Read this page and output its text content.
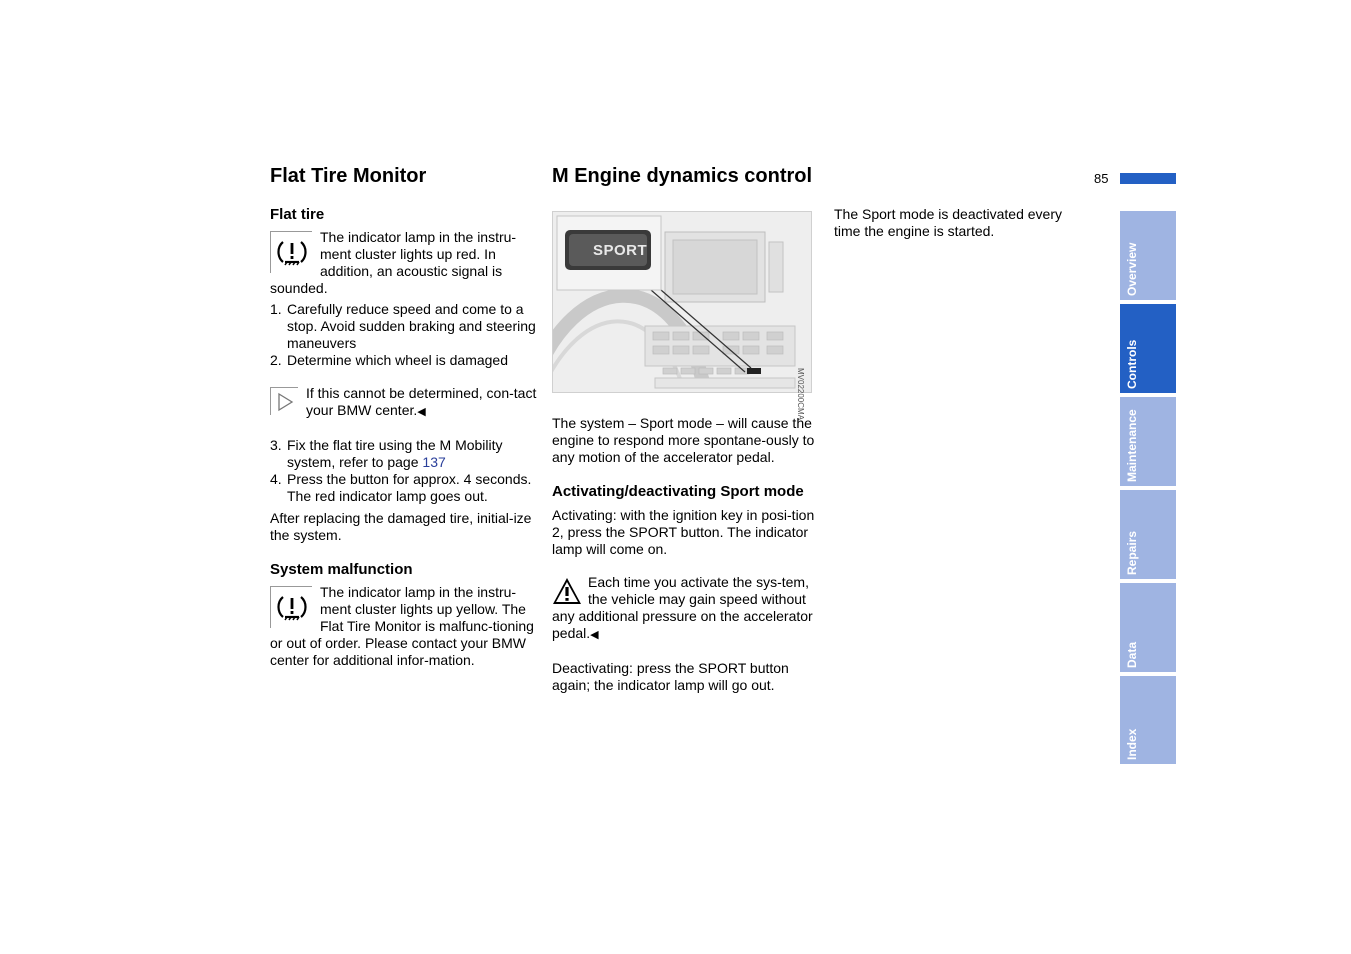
85
Flat Tire Monitor	M Engine dynamics control
Flat tire

The indicator lamp in the instru-ment cluster lights up red. In addition, an acoustic signal is sounded.

1. Carefully reduce speed and come to a stop. Avoid sudden braking and steering maneuvers
2. Determine which wheel is damaged

If this cannot be determined, con-tact your BMW center.◀

3. Fix the flat tire using the M Mobility system, refer to page 137
4. Press the button for approx. 4 seconds. The red indicator lamp goes out.

After replacing the damaged tire, initial-ize the system.

System malfunction

The indicator lamp in the instru-ment cluster lights up yellow. The Flat Tire Monitor is malfunc-tioning or out of order. Please contact your BMW center for additional infor-mation.

SPORT
MV02200CMA

The system – Sport mode – will cause the engine to respond more spontane-ously to any motion of the accelerator pedal.

Activating/deactivating Sport mode

Activating: with the ignition key in posi-tion 2, press the SPORT button. The indicator lamp will come on.

Each time you activate the sys-tem, the vehicle may gain speed without any additional pressure on the accelerator pedal.◀

Deactivating: press the SPORT button again; the indicator lamp will go out.

The Sport mode is deactivated every time the engine is started.

Overview
Controls
Maintenance
Repairs
Data
Index
